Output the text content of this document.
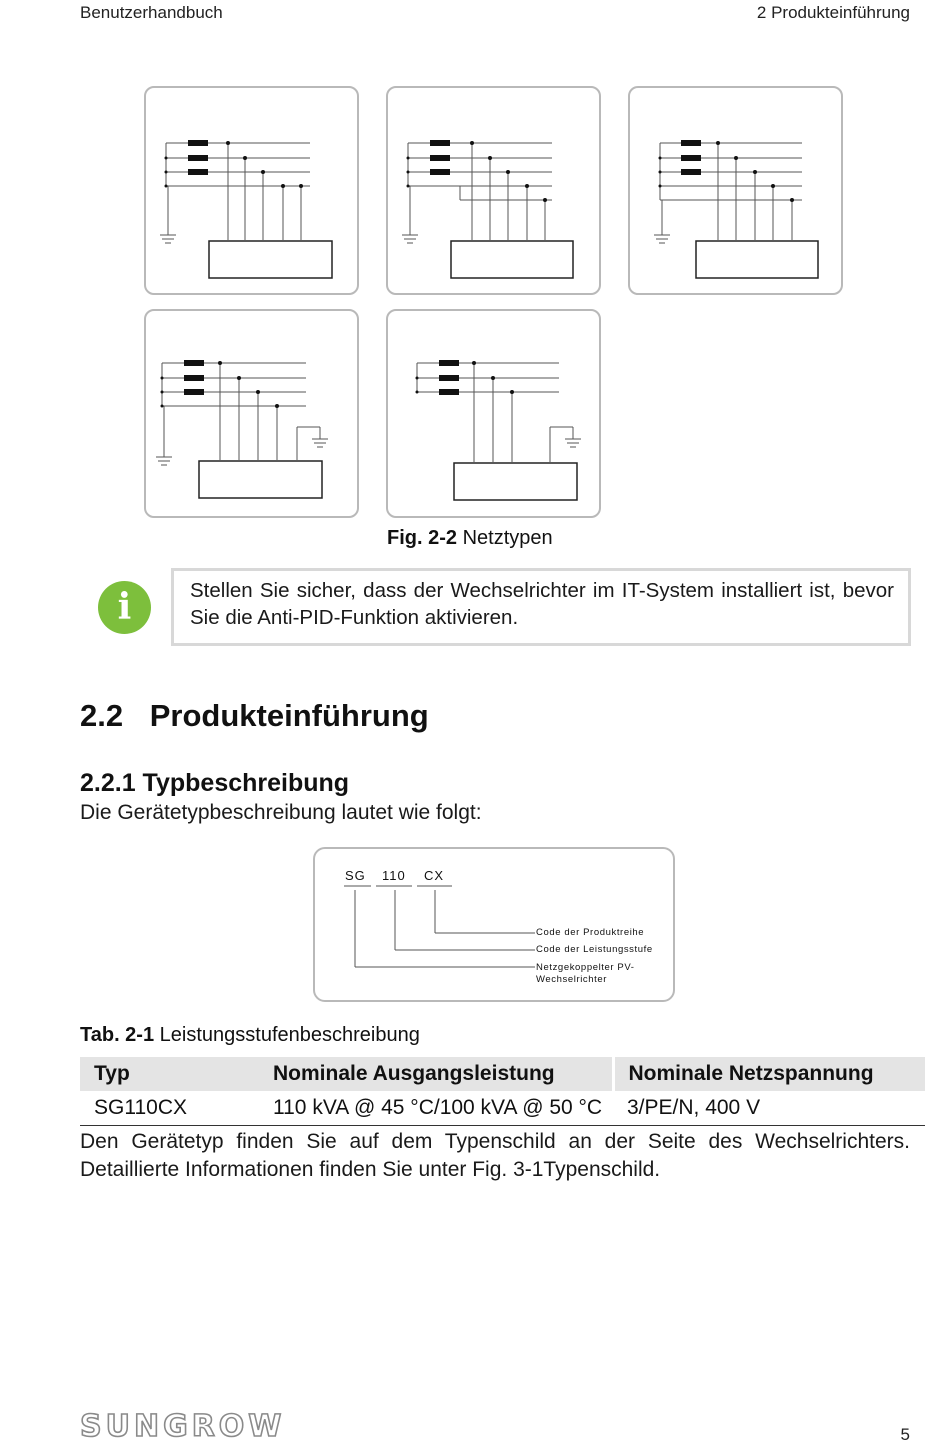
Benutzerhandbuch	2 Produkteinführung
Fig. 2-2 Netztypen
i	Stellen Sie sicher, dass der Wechselrichter im IT-System installiert ist, bevor Sie die Anti-PID-Funktion aktivieren.
2.2 Produkteinführung
2.2.1 Typbeschreibung
Die Gerätetypbeschreibung lautet wie folgt:
SG 110 CX
Code der Produktreihe
Code der Leistungsstufe
Netzgekoppelter PV-
Wechselrichter
Tab. 2-1 Leistungsstufenbeschreibung
Typ	Nominale Ausgangsleistung	Nominale Netzspannung
SG110CX	110 kVA @ 45 °C/100 kVA @ 50 °C	3/PE/N, 400 V
Den Gerätetyp finden Sie auf dem Typenschild an der Seite des Wechselrichters. Detaillierte Informationen finden Sie unter Fig. 3-1Typenschild.
SUNGROW	5
